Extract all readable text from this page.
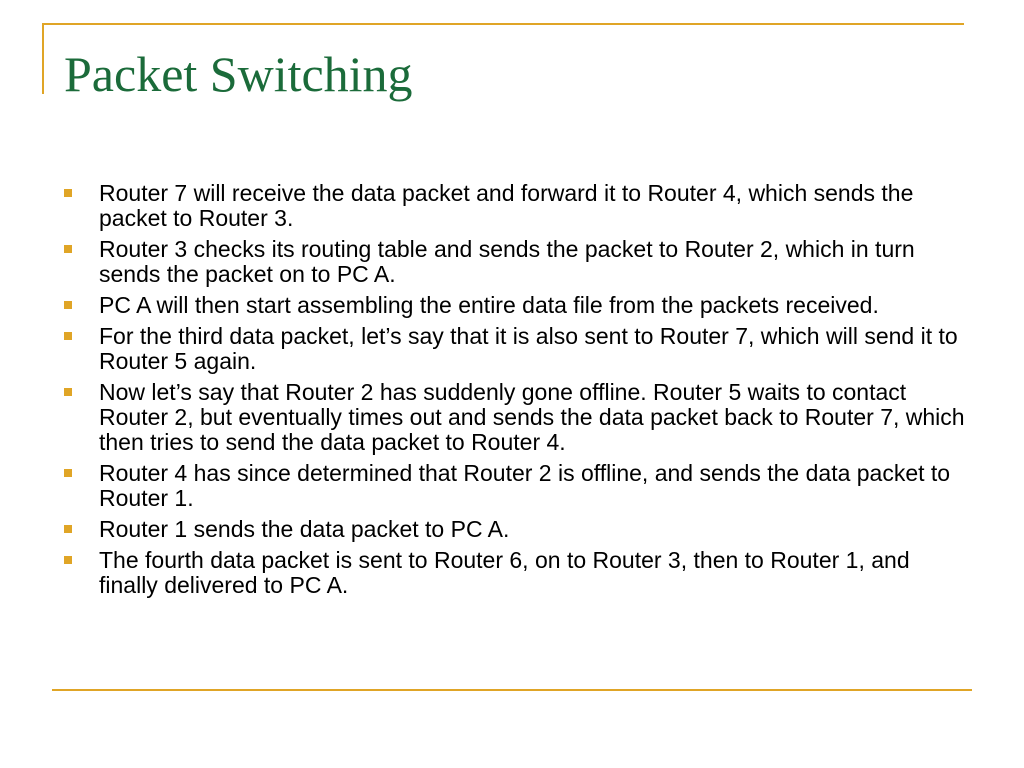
Packet Switching
Router 7 will receive the data packet and forward it to Router 4, which sends the packet to Router 3.
Router 3 checks its routing table and sends the packet to Router 2, which in turn sends the packet on to PC A.
PC A will then start assembling the entire data file from the packets received.
For the third data packet, let’s say that it is also sent to Router 7, which will send it to Router 5 again.
Now let’s say that Router 2 has suddenly gone offline. Router 5 waits to contact Router 2, but eventually times out and sends the data packet back to Router 7, which then tries to send the data packet to Router 4.
Router 4 has since determined that Router 2 is offline, and sends the data packet to Router 1.
Router 1 sends the data packet to PC A.
The fourth data packet is sent to Router 6, on to Router 3, then to Router 1, and finally delivered to PC A.
